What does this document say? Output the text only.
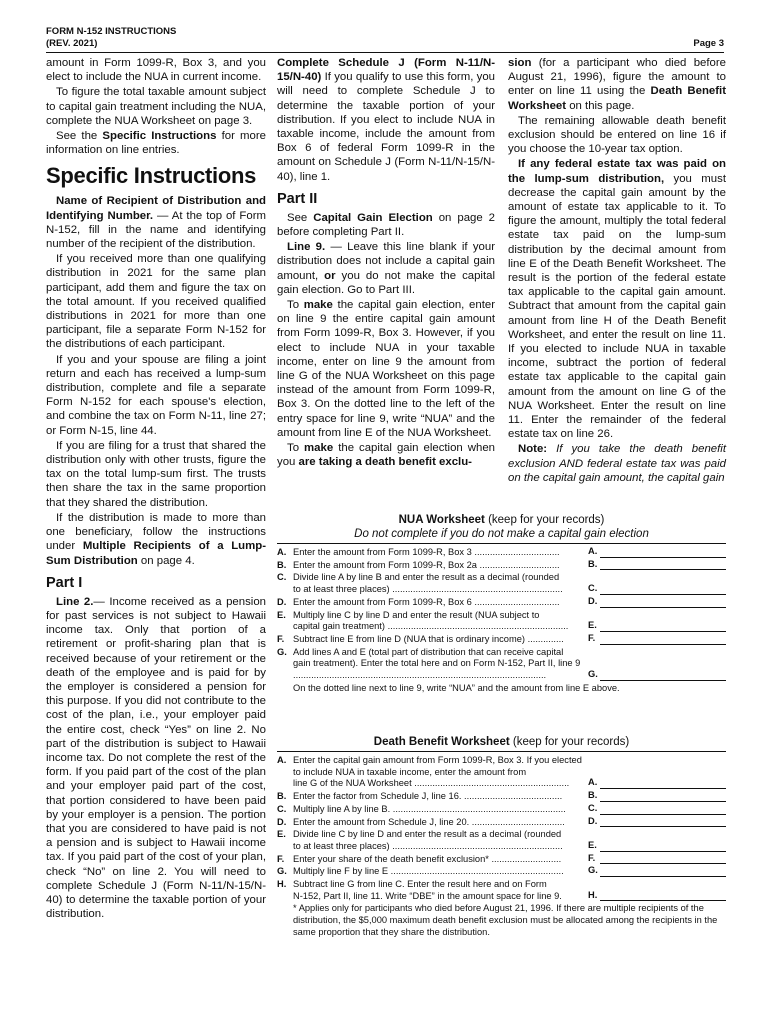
FORM N-152 INSTRUCTIONS
(REV. 2021)	Page 3

amount in Form 1099-R, Box 3, and you elect to include the NUA in current income.

To figure the total taxable amount subject to capital gain treatment including the NUA, complete the NUA Worksheet on page 3.

See the Specific Instructions for more information on line entries.

Specific Instructions

Name of Recipient of Distribution and Identifying Number. — At the top of Form N-152, fill in the name and identifying number of the recipient of the distribution.

If you received more than one qualifying distribution in 2021 for the same plan participant, add them and figure the tax on the total amount. If you received qualified distributions in 2021 for more than one participant, file a separate Form N-152 for the distributions of each participant.

If you and your spouse are filing a joint return and each has received a lump-sum distribution, complete and file a separate Form N-152 for each spouse's election, and combine the tax on Form N-11, line 27; or Form N-15, line 44.

If you are filing for a trust that shared the distribution only with other trusts, figure the tax on the total lump-sum first. The trusts then share the tax in the same proportion that they shared the distribution.

If the distribution is made to more than one beneficiary, follow the instructions under Multiple Recipients of a Lump-Sum Distribution on page 4.

Part I

Line 2.— Income received as a pension for past services is not subject to Hawaii income tax. Only that portion of a retirement or profit-sharing plan that is received because of your retirement or the death of the employee and is paid for by the employer is considered a pension for this purpose. If you did not contribute to the cost of the plan, i.e., your employer paid the entire cost, check “Yes” on line 2. No part of the distribution is subject to Hawaii income tax. Do not complete the rest of the form. If you paid part of the cost of the plan and your employer paid part of the cost, that portion considered to have been paid by your employer is a pension. The portion that you are considered to have paid is not a pension and is subject to Hawaii income tax. If you paid part of the cost of your plan, check “No” on line 2. You will need to complete Schedule J (Form N-11/N-15/N-40) to determine the taxable portion of your distribution.

Complete Schedule J (Form N-11/N-15/N-40) If you qualify to use this form, you will need to complete Schedule J to determine the taxable portion of your distribution. If you elect to include NUA in taxable income, include the amount from Box 6 of federal Form 1099-R in the amount on Schedule J (Form N-11/N-15/N-40), line 1.

Part II

See Capital Gain Election on page 2 before completing Part II.

Line 9. — Leave this line blank if your distribution does not include a capital gain amount, or you do not make the capital gain election. Go to Part III.

To make the capital gain election, enter on line 9 the entire capital gain amount from Form 1099-R, Box 3. However, if you elect to include NUA in your taxable income, enter on line 9 the amount from line G of the NUA Worksheet on this page instead of the amount from Form 1099-R, Box 3. On the dotted line to the left of the entry space for line 9, write “NUA” and the amount from line E of the NUA Worksheet.

To make the capital gain election when you are taking a death benefit exclu-

sion (for a participant who died before August 21, 1996), figure the amount to enter on line 11 using the Death Benefit Worksheet on this page.

The remaining allowable death benefit exclusion should be entered on line 16 if you choose the 10-year tax option.

If any federal estate tax was paid on the lump-sum distribution, you must decrease the capital gain amount by the amount of estate tax applicable to it. To figure the amount, multiply the total federal estate tax paid on the lump-sum distribution by the decimal amount from line E of the Death Benefit Worksheet. The result is the portion of the federal estate tax applicable to the capital gain amount. Subtract that amount from the capital gain amount from line H of the Death Benefit Worksheet, and enter the result on line 11. If you elected to include NUA in taxable income, subtract the portion of federal estate tax applicable to the capital gain amount from the amount on line G of the NUA Worksheet. Enter the result on line 11. Enter the remainder of the federal estate tax on line 26.

Note: If you take the death benefit exclusion AND federal estate tax was paid on the capital gain amount, the capital gain

NUA Worksheet (keep for your records)
Do not complete if you do not make a capital gain election
A. Enter the amount from Form 1099-R, Box 3 .................................	A.
B. Enter the amount from Form 1099-R, Box 2a ...............................	B.
C. Divide line A by line B and enter the result as a decimal (rounded
to at least three places) ..................................................................	C.
D. Enter the amount from Form 1099-R, Box 6 .................................	D.
E. Multiply line C by line D and enter the result (NUA subject to
capital gain treatment) ......................................................................	E.
F. Subtract line E from line D (NUA that is ordinary income) ..............	F.
G. Add lines A and E (total part of distribution that can receive capital
gain treatment). Enter the total here and on Form N-152, Part II, line 9 ..................................................................................................	G.
On the dotted line next to line 9, write “NUA” and the amount from line E above.
Death Benefit Worksheet (keep for your records)
A. Enter the capital gain amount from Form 1099-R, Box 3. If you elected to include NUA in taxable income, enter the amount from
line G of the NUA Worksheet ............................................................	A.
B. Enter the factor from Schedule J, line 16. ......................................	B.
C. Multiply line A by line B. ...................................................................	C.
D. Enter the amount from Schedule J, line 20. ....................................	D.
E. Divide line C by line D and enter the result as a decimal (rounded
to at least three places) ..................................................................	E.
F. Enter your share of the death benefit exclusion* ...........................	F.
G. Multiply line F by line E ...................................................................	G.
H. Subtract line G from line C. Enter the result here and on Form
N-152, Part II, line 11. Write “DBE” in the amount space for line 9.	H.
* Applies only for participants who died before August 21, 1996. If there are multiple recipients of the distribution, the $5,000 maximum death benefit exclusion must be allocated among the recipients in the same proportion that they share the distribution.
